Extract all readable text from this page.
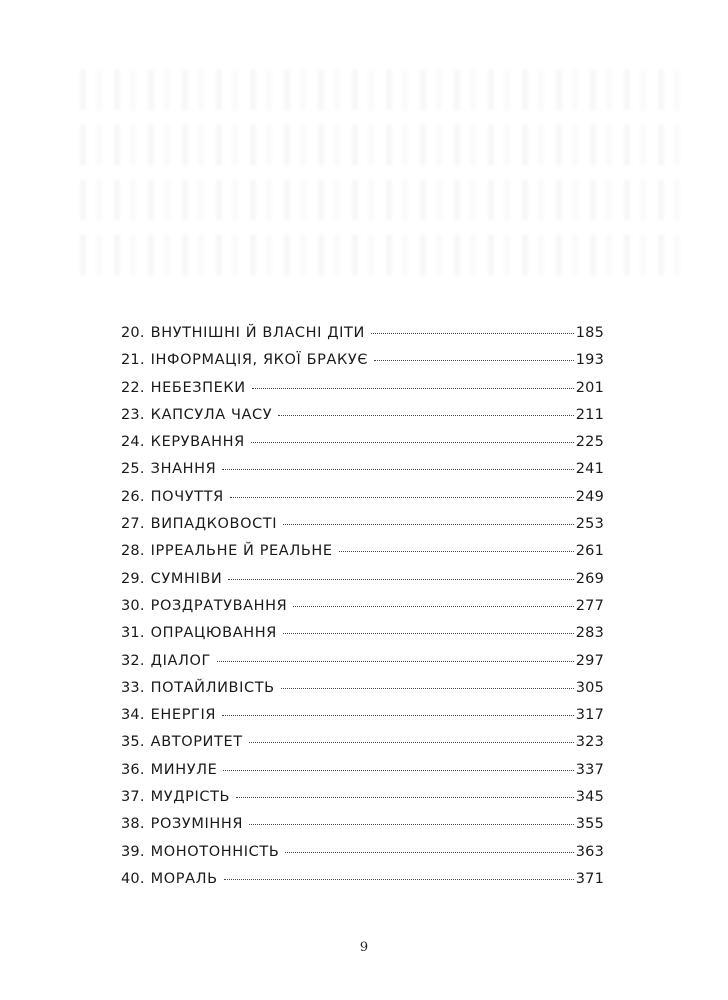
20. ВНУТНІШНІ Й ВЛАСНІ ДІТИ	185
21. ІНФОРМАЦІЯ, ЯКОЇ БРАКУЄ	193
22. НЕБЕЗПЕКИ	201
23. КАПСУЛА ЧАСУ	211
24. КЕРУВАННЯ	225
25. ЗНАННЯ	241
26. ПОЧУТТЯ	249
27. ВИПАДКОВОСТІ	253
28. ІРРЕАЛЬНЕ Й РЕАЛЬНЕ	261
29. СУМНІВИ	269
30. РОЗДРАТУВАННЯ	277
31. ОПРАЦЮВАННЯ	283
32. ДІАЛОГ	297
33. ПОТАЙЛИВІСТЬ	305
34. ЕНЕРГІЯ	317
35. АВТОРИТЕТ	323
36. МИНУЛЕ	337
37. МУДРІСТЬ	345
38. РОЗУМІННЯ	355
39. МОНОТОННІСТЬ	363
40. МОРАЛЬ	371
9
